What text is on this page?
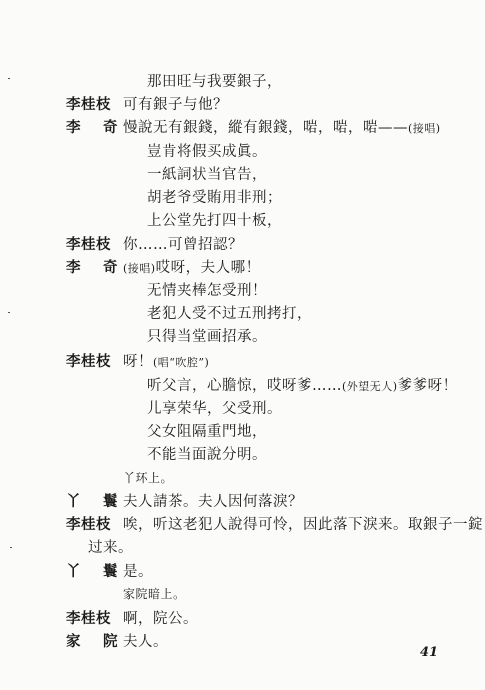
那田旺与我要銀子，
李桂枝 可有銀子与他？
李　奇 慢說无有銀錢，縱有銀錢，啱，啱，啱——(接唱)
豈肯将假买成眞。
一紙詞状当官告，
胡老爷受賄用非刑；
上公堂先打四十板，
李桂枝 你……可曾招認？
李　奇 (接唱)哎呀，夫人哪！
无情夹棒怎受刑！
老犯人受不过五刑拷打，
只得当堂画招承。
李桂枝 呀！(唱“吹腔”)
听父言，心膽惊，哎呀爹……(外望无人)爹爹呀！
儿享荣华，父受刑。
父女阻隔重門地，
不能当面說分明。
丫环上。
丫　鬟 夫人請茶。夫人因何落淚？
李桂枝 唉，听这老犯人說得可怜，因此落下淚来。取銀子一錠
过来。
丫　鬟 是。
家院暗上。
李桂枝 啊，院公。
家　院 夫人。
41
